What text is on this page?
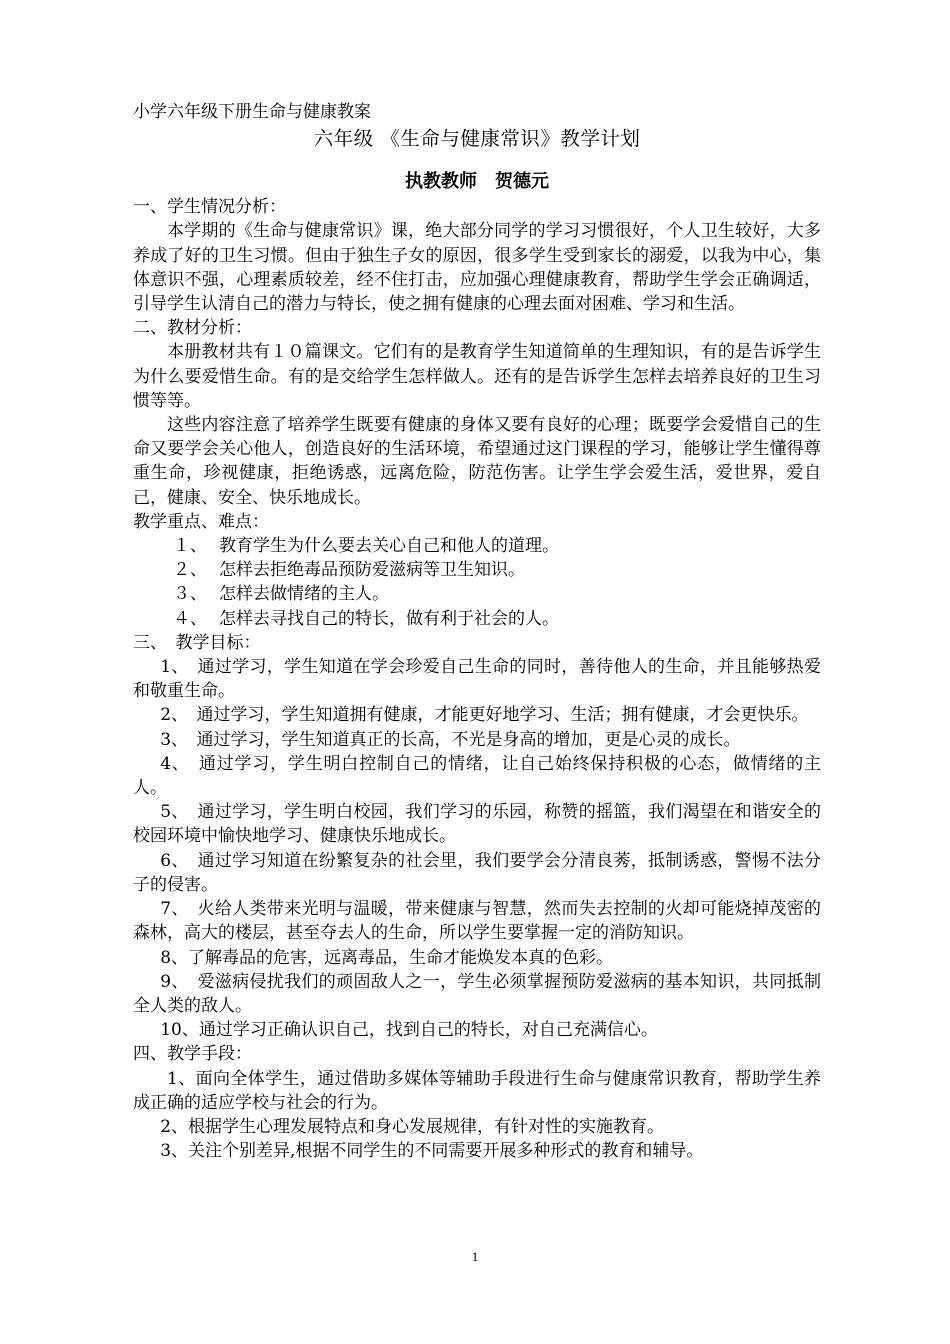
小学六年级下册生命与健康教案
六年级 《生命与健康常识》教学计划
执教教师　贺德元
一、学生情况分析：
本学期的《生命与健康常识》课，绝大部分同学的学习习惯很好，个人卫生较好，大多养成了好的卫生习惯。但由于独生子女的原因，很多学生受到家长的溺爱，以我为中心，集体意识不强，心理素质较差，经不住打击，应加强心理健康教育，帮助学生学会正确调适，引导学生认清自己的潜力与特长，使之拥有健康的心理去面对困难、学习和生活。
二、教材分析：
本册教材共有１０篇课文。它们有的是教育学生知道简单的生理知识，有的是告诉学生为什么要爱惜生命。有的是交给学生怎样做人。还有的是告诉学生怎样去培养良好的卫生习惯等等。
这些内容注意了培养学生既要有健康的身体又要有良好的心理；既要学会爱惜自己的生命又要学会关心他人，创造良好的生活环境，希望通过这门课程的学习，能够让学生懂得尊重生命，珍视健康，拒绝诱惑，远离危险，防范伤害。让学生学会爱生活，爱世界，爱自己，健康、安全、快乐地成长。
教学重点、难点：
１、 教育学生为什么要去关心自己和他人的道理。
２、 怎样去拒绝毒品预防爱滋病等卫生知识。
３、 怎样去做情绪的主人。
４、 怎样去寻找自己的特长，做有利于社会的人。
三、　教学目标：
1、　通过学习，学生知道在学会珍爱自己生命的同时，善待他人的生命，并且能够热爱和敬重生命。
2、　通过学习，学生知道拥有健康，才能更好地学习、生活；拥有健康，才会更快乐。
3、　通过学习，学生知道真正的长高，不光是身高的增加，更是心灵的成长。
4、　通过学习，学生明白控制自己的情绪，让自己始终保持积极的心态，做情绪的主人。
5、　通过学习，学生明白校园，我们学习的乐园，称赞的摇篮，我们渴望在和谐安全的校园环境中愉快地学习、健康快乐地成长。
6、　通过学习知道在纷繁复杂的社会里，我们要学会分清良莠，抵制诱惑，警惕不法分子的侵害。
7、　火给人类带来光明与温暖，带来健康与智慧，然而失去控制的火却可能烧掉茂密的森林，高大的楼层，甚至夺去人的生命，所以学生要掌握一定的消防知识。
8、了解毒品的危害，远离毒品，生命才能焕发本真的色彩。
9、　爱滋病侵扰我们的顽固敌人之一，学生必须掌握预防爱滋病的基本知识，共同抵制全人类的敌人。
10、通过学习正确认识自己，找到自己的特长，对自己充满信心。
四、教学手段：
1、面向全体学生，通过借助多媒体等辅助手段进行生命与健康常识教育，帮助学生养成正确的适应学校与社会的行为。
2、根据学生心理发展特点和身心发展规律，有针对性的实施教育。
3、关注个别差异,根据不同学生的不同需要开展多种形式的教育和辅导。
1
